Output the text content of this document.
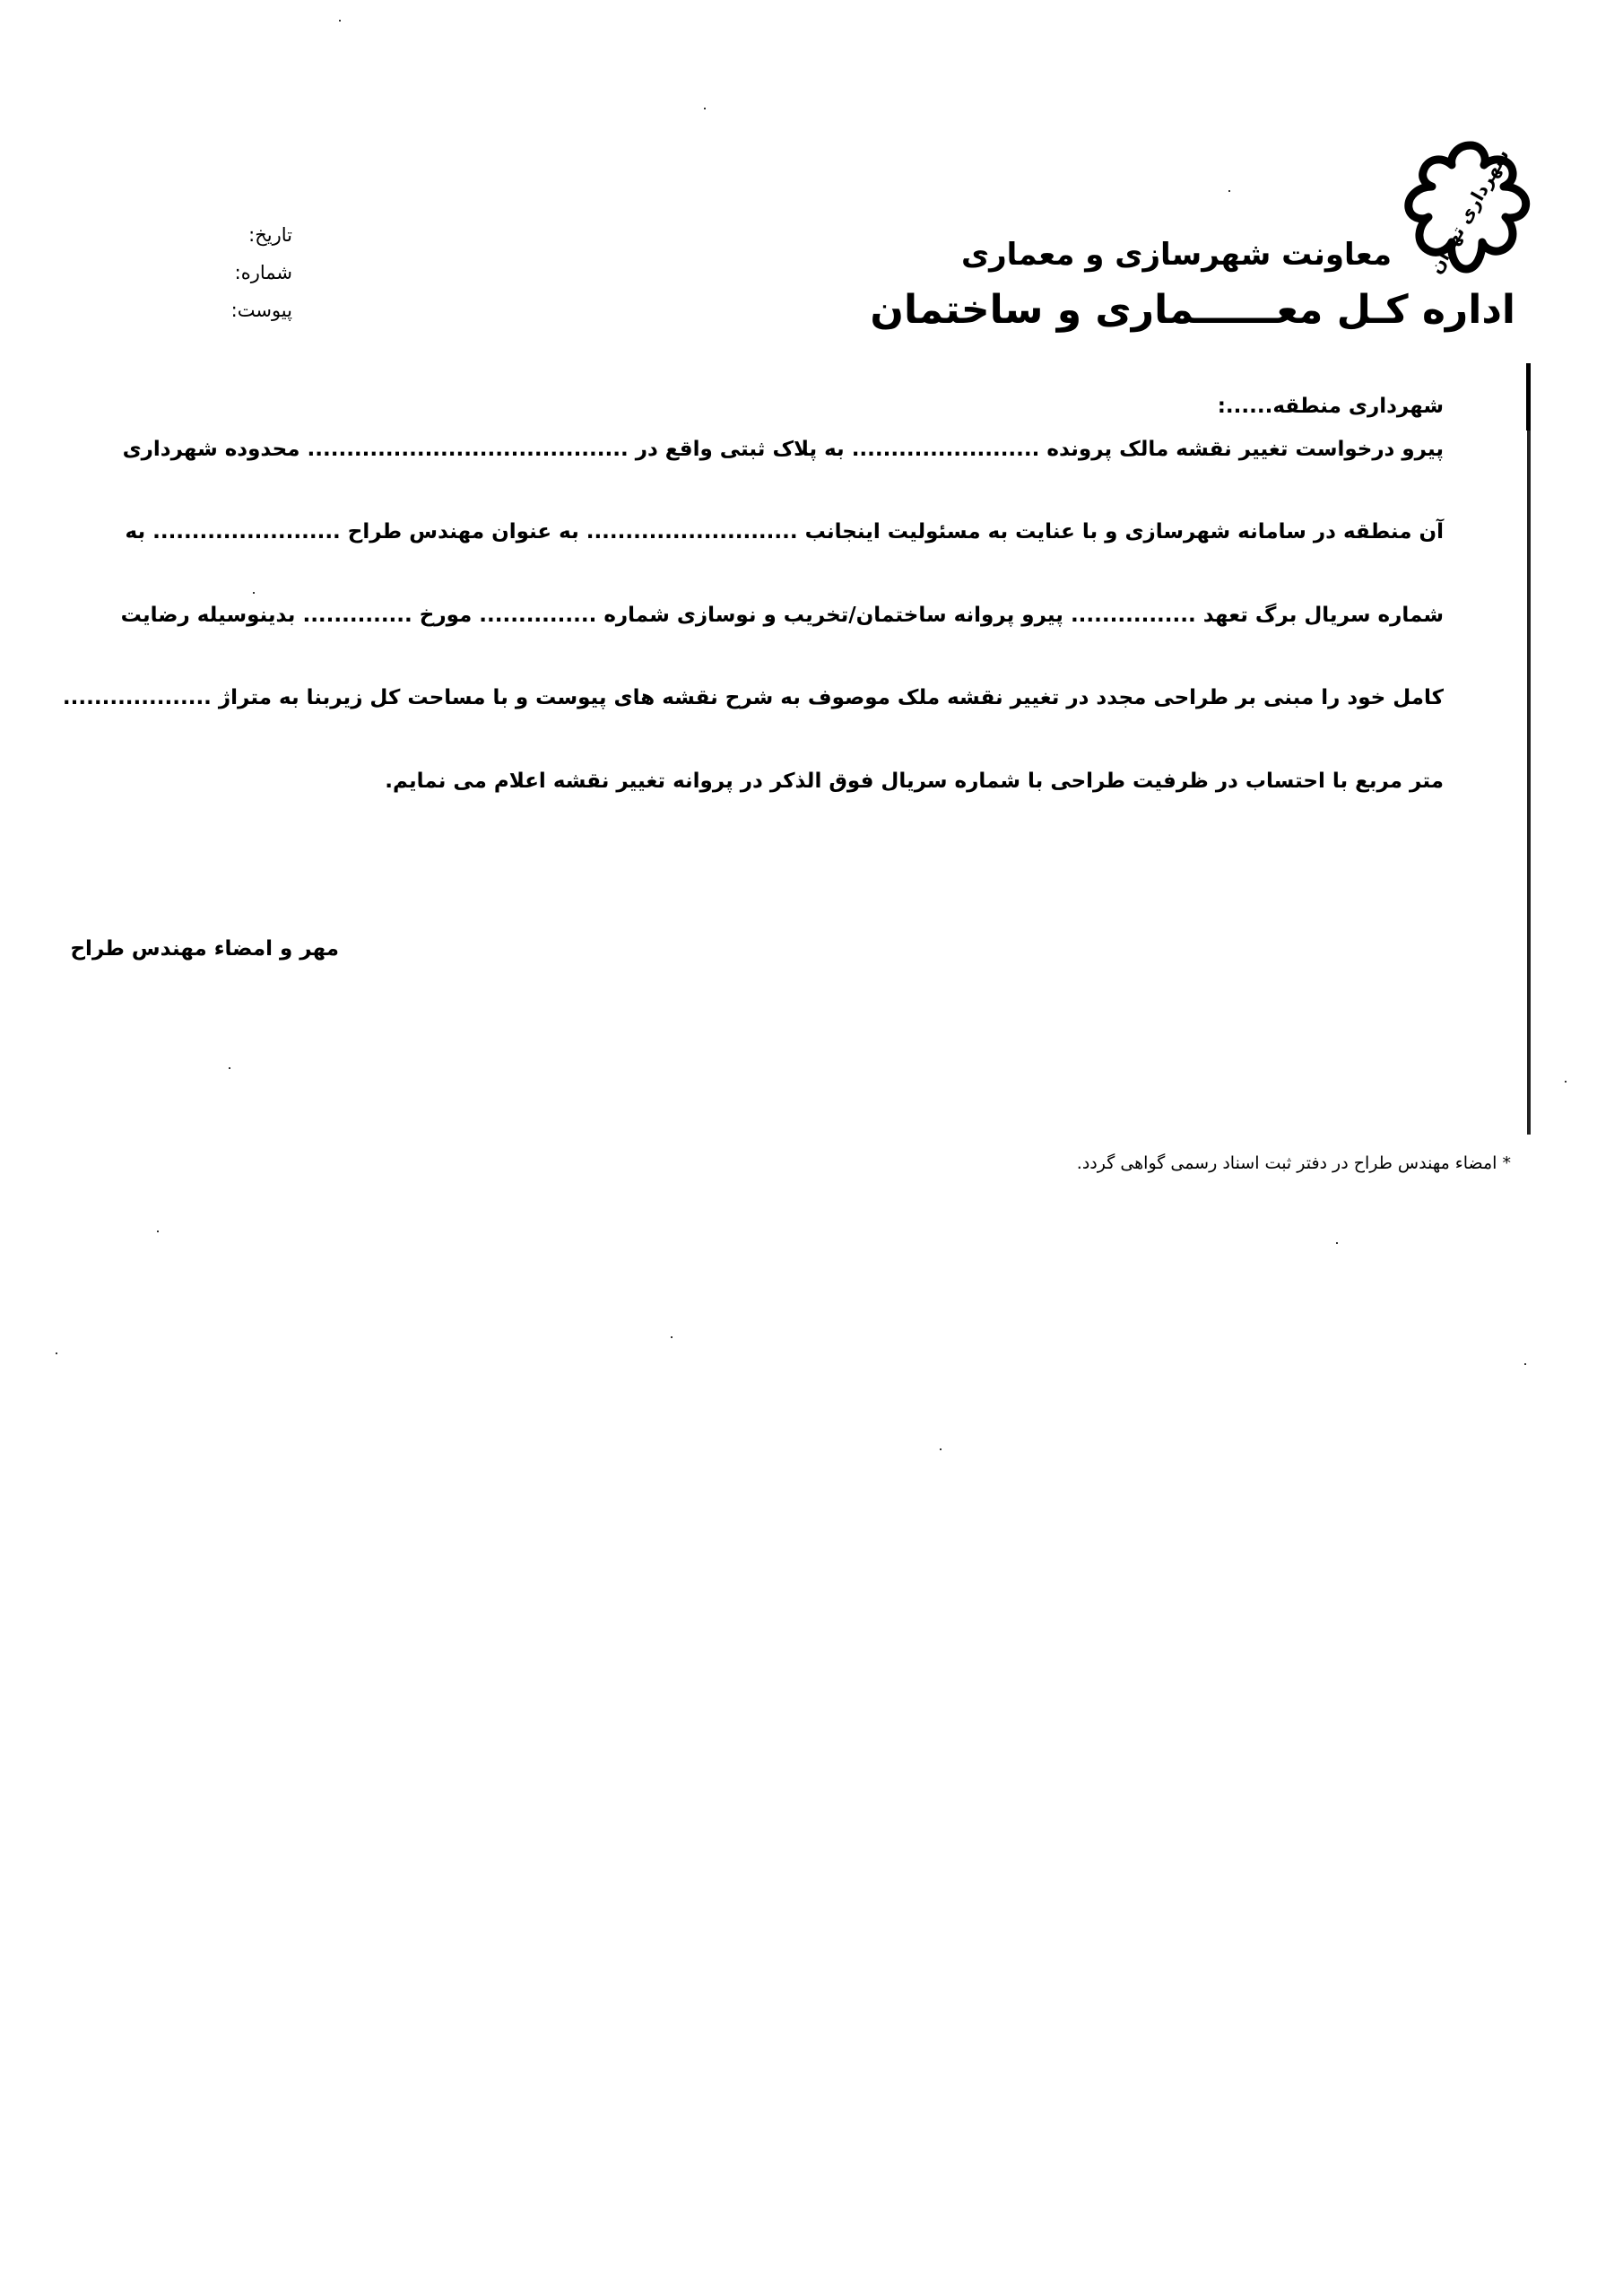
شهرداری تهران
معاونت شهرسازی و معماری
اداره کـل معــــــماری و ساختمان
تاریخ:
شماره:
پیوست:
شهرداری منطقه......:
پیرو درخواست تغییر نقشه مالک پرونده ........................ به پلاک ثبتی واقع در ......................................... محدوده شهرداری
آن منطقه در سامانه شهرسازی و با عنایت به مسئولیت اینجانب ........................... به عنوان مهندس طراح ........................ به
شماره سریال برگ تعهد ................ پیرو پروانه ساختمان/تخریب و نوسازی شماره ............... مورخ .............. بدینوسیله رضایت
کامل خود را مبنی بر طراحی مجدد در تغییر نقشه ملک موصوف به شرح نقشه های پیوست و با مساحت کل زیربنا به متراژ ...................
متر مربع با احتساب در ظرفیت طراحی با شماره سریال فوق الذکر در پروانه تغییر نقشه اعلام می نمایم.
مهر و امضاء مهندس طراح
* امضاء مهندس طراح در دفتر ثبت اسناد رسمی گواهی گردد.
